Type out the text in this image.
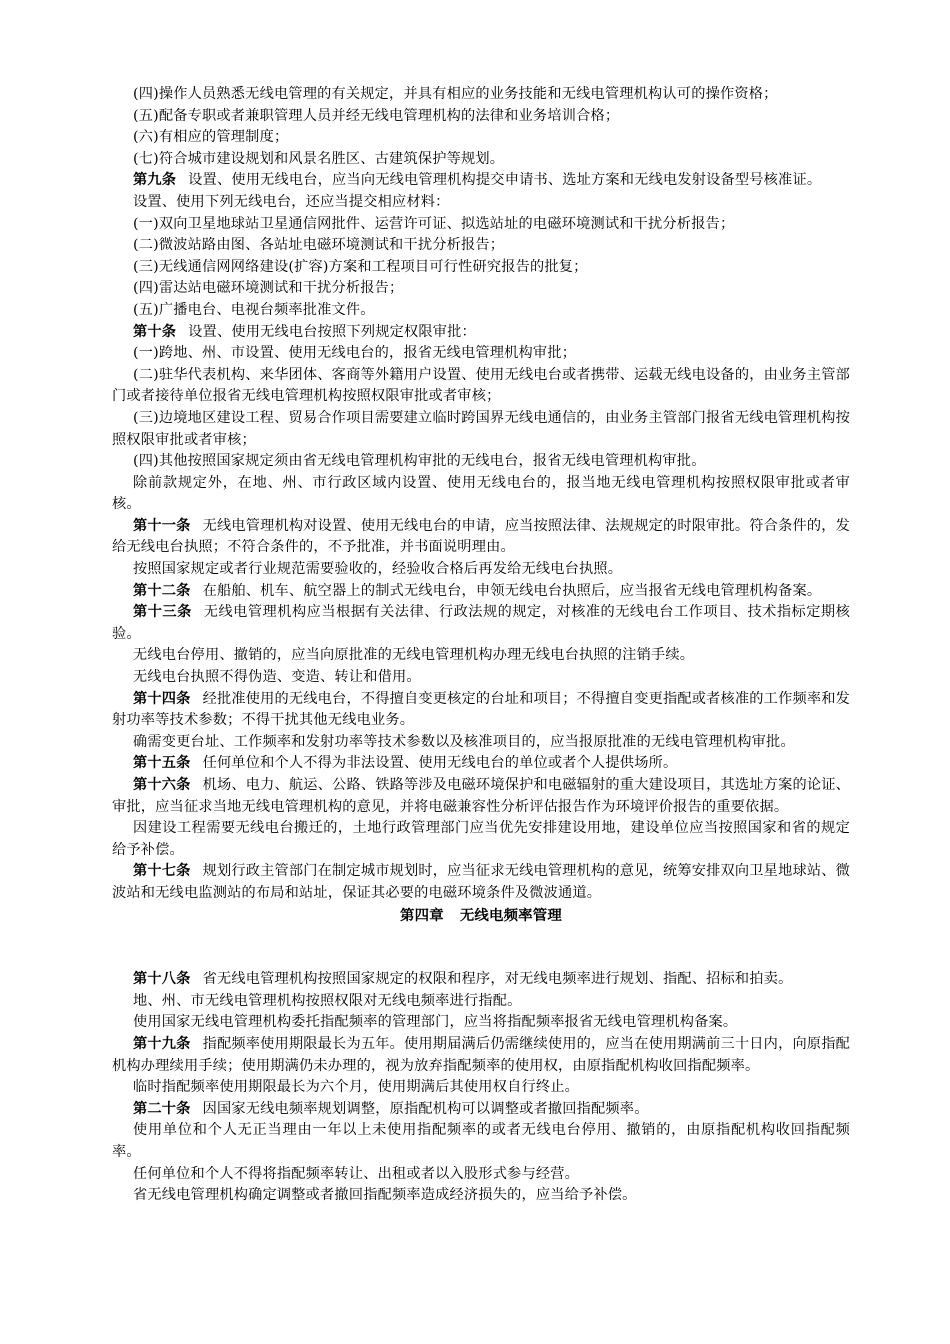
(四)操作人员熟悉无线电管理的有关规定，并具有相应的业务技能和无线电管理机构认可的操作资格；

(五)配备专职或者兼职管理人员并经无线电管理机构的法律和业务培训合格；

(六)有相应的管理制度；

(七)符合城市建设规划和风景名胜区、古建筑保护等规划。

第九条 设置、使用无线电台，应当向无线电管理机构提交申请书、选址方案和无线电发射设备型号核准证。

设置、使用下列无线电台，还应当提交相应材料：

(一)双向卫星地球站卫星通信网批件、运营许可证、拟选站址的电磁环境测试和干扰分析报告；

(二)微波站路由图、各站址电磁环境测试和干扰分析报告；

(三)无线通信网网络建设(扩容)方案和工程项目可行性研究报告的批复；

(四)雷达站电磁环境测试和干扰分析报告；

(五)广播电台、电视台频率批准文件。

第十条 设置、使用无线电台按照下列规定权限审批：

(一)跨地、州、市设置、使用无线电台的，报省无线电管理机构审批；

(二)驻华代表机构、来华团体、客商等外籍用户设置、使用无线电台或者携带、运载无线电设备的，由业务主管部门或者接待单位报省无线电管理机构按照权限审批或者审核；

(三)边境地区建设工程、贸易合作项目需要建立临时跨国界无线电通信的，由业务主管部门报省无线电管理机构按照权限审批或者审核；

(四)其他按照国家规定须由省无线电管理机构审批的无线电台，报省无线电管理机构审批。

除前款规定外，在地、州、市行政区域内设置、使用无线电台的，报当地无线电管理机构按照权限审批或者审核。

第十一条 无线电管理机构对设置、使用无线电台的申请，应当按照法律、法规规定的时限审批。符合条件的，发给无线电台执照；不符合条件的，不予批准，并书面说明理由。

按照国家规定或者行业规范需要验收的，经验收合格后再发给无线电台执照。

第十二条 在船舶、机车、航空器上的制式无线电台，申领无线电台执照后，应当报省无线电管理机构备案。

第十三条 无线电管理机构应当根据有关法律、行政法规的规定，对核准的无线电台工作项目、技术指标定期核验。

无线电台停用、撤销的，应当向原批准的无线电管理机构办理无线电台执照的注销手续。

无线电台执照不得伪造、变造、转让和借用。

第十四条 经批准使用的无线电台，不得擅自变更核定的台址和项目；不得擅自变更指配或者核准的工作频率和发射功率等技术参数；不得干扰其他无线电业务。

确需变更台址、工作频率和发射功率等技术参数以及核准项目的，应当报原批准的无线电管理机构审批。

第十五条 任何单位和个人不得为非法设置、使用无线电台的单位或者个人提供场所。

第十六条 机场、电力、航运、公路、铁路等涉及电磁环境保护和电磁辐射的重大建设项目，其选址方案的论证、审批，应当征求当地无线电管理机构的意见，并将电磁兼容性分析评估报告作为环境评价报告的重要依据。

因建设工程需要无线电台搬迁的，土地行政管理部门应当优先安排建设用地，建设单位应当按照国家和省的规定给予补偿。

第十七条 规划行政主管部门在制定城市规划时，应当征求无线电管理机构的意见，统筹安排双向卫星地球站、微波站和无线电监测站的布局和站址，保证其必要的电磁环境条件及微波通道。

第四章 无线电频率管理

第十八条 省无线电管理机构按照国家规定的权限和程序，对无线电频率进行规划、指配、招标和拍卖。

地、州、市无线电管理机构按照权限对无线电频率进行指配。

使用国家无线电管理机构委托指配频率的管理部门，应当将指配频率报省无线电管理机构备案。

第十九条 指配频率使用期限最长为五年。使用期届满后仍需继续使用的，应当在使用期满前三十日内，向原指配机构办理续用手续；使用期满仍未办理的，视为放弃指配频率的使用权，由原指配机构收回指配频率。

临时指配频率使用期限最长为六个月，使用期满后其使用权自行终止。

第二十条 因国家无线电频率规划调整，原指配机构可以调整或者撤回指配频率。

使用单位和个人无正当理由一年以上未使用指配频率的或者无线电台停用、撤销的，由原指配机构收回指配频率。

任何单位和个人不得将指配频率转让、出租或者以入股形式参与经营。

省无线电管理机构确定调整或者撤回指配频率造成经济损失的，应当给予补偿。
